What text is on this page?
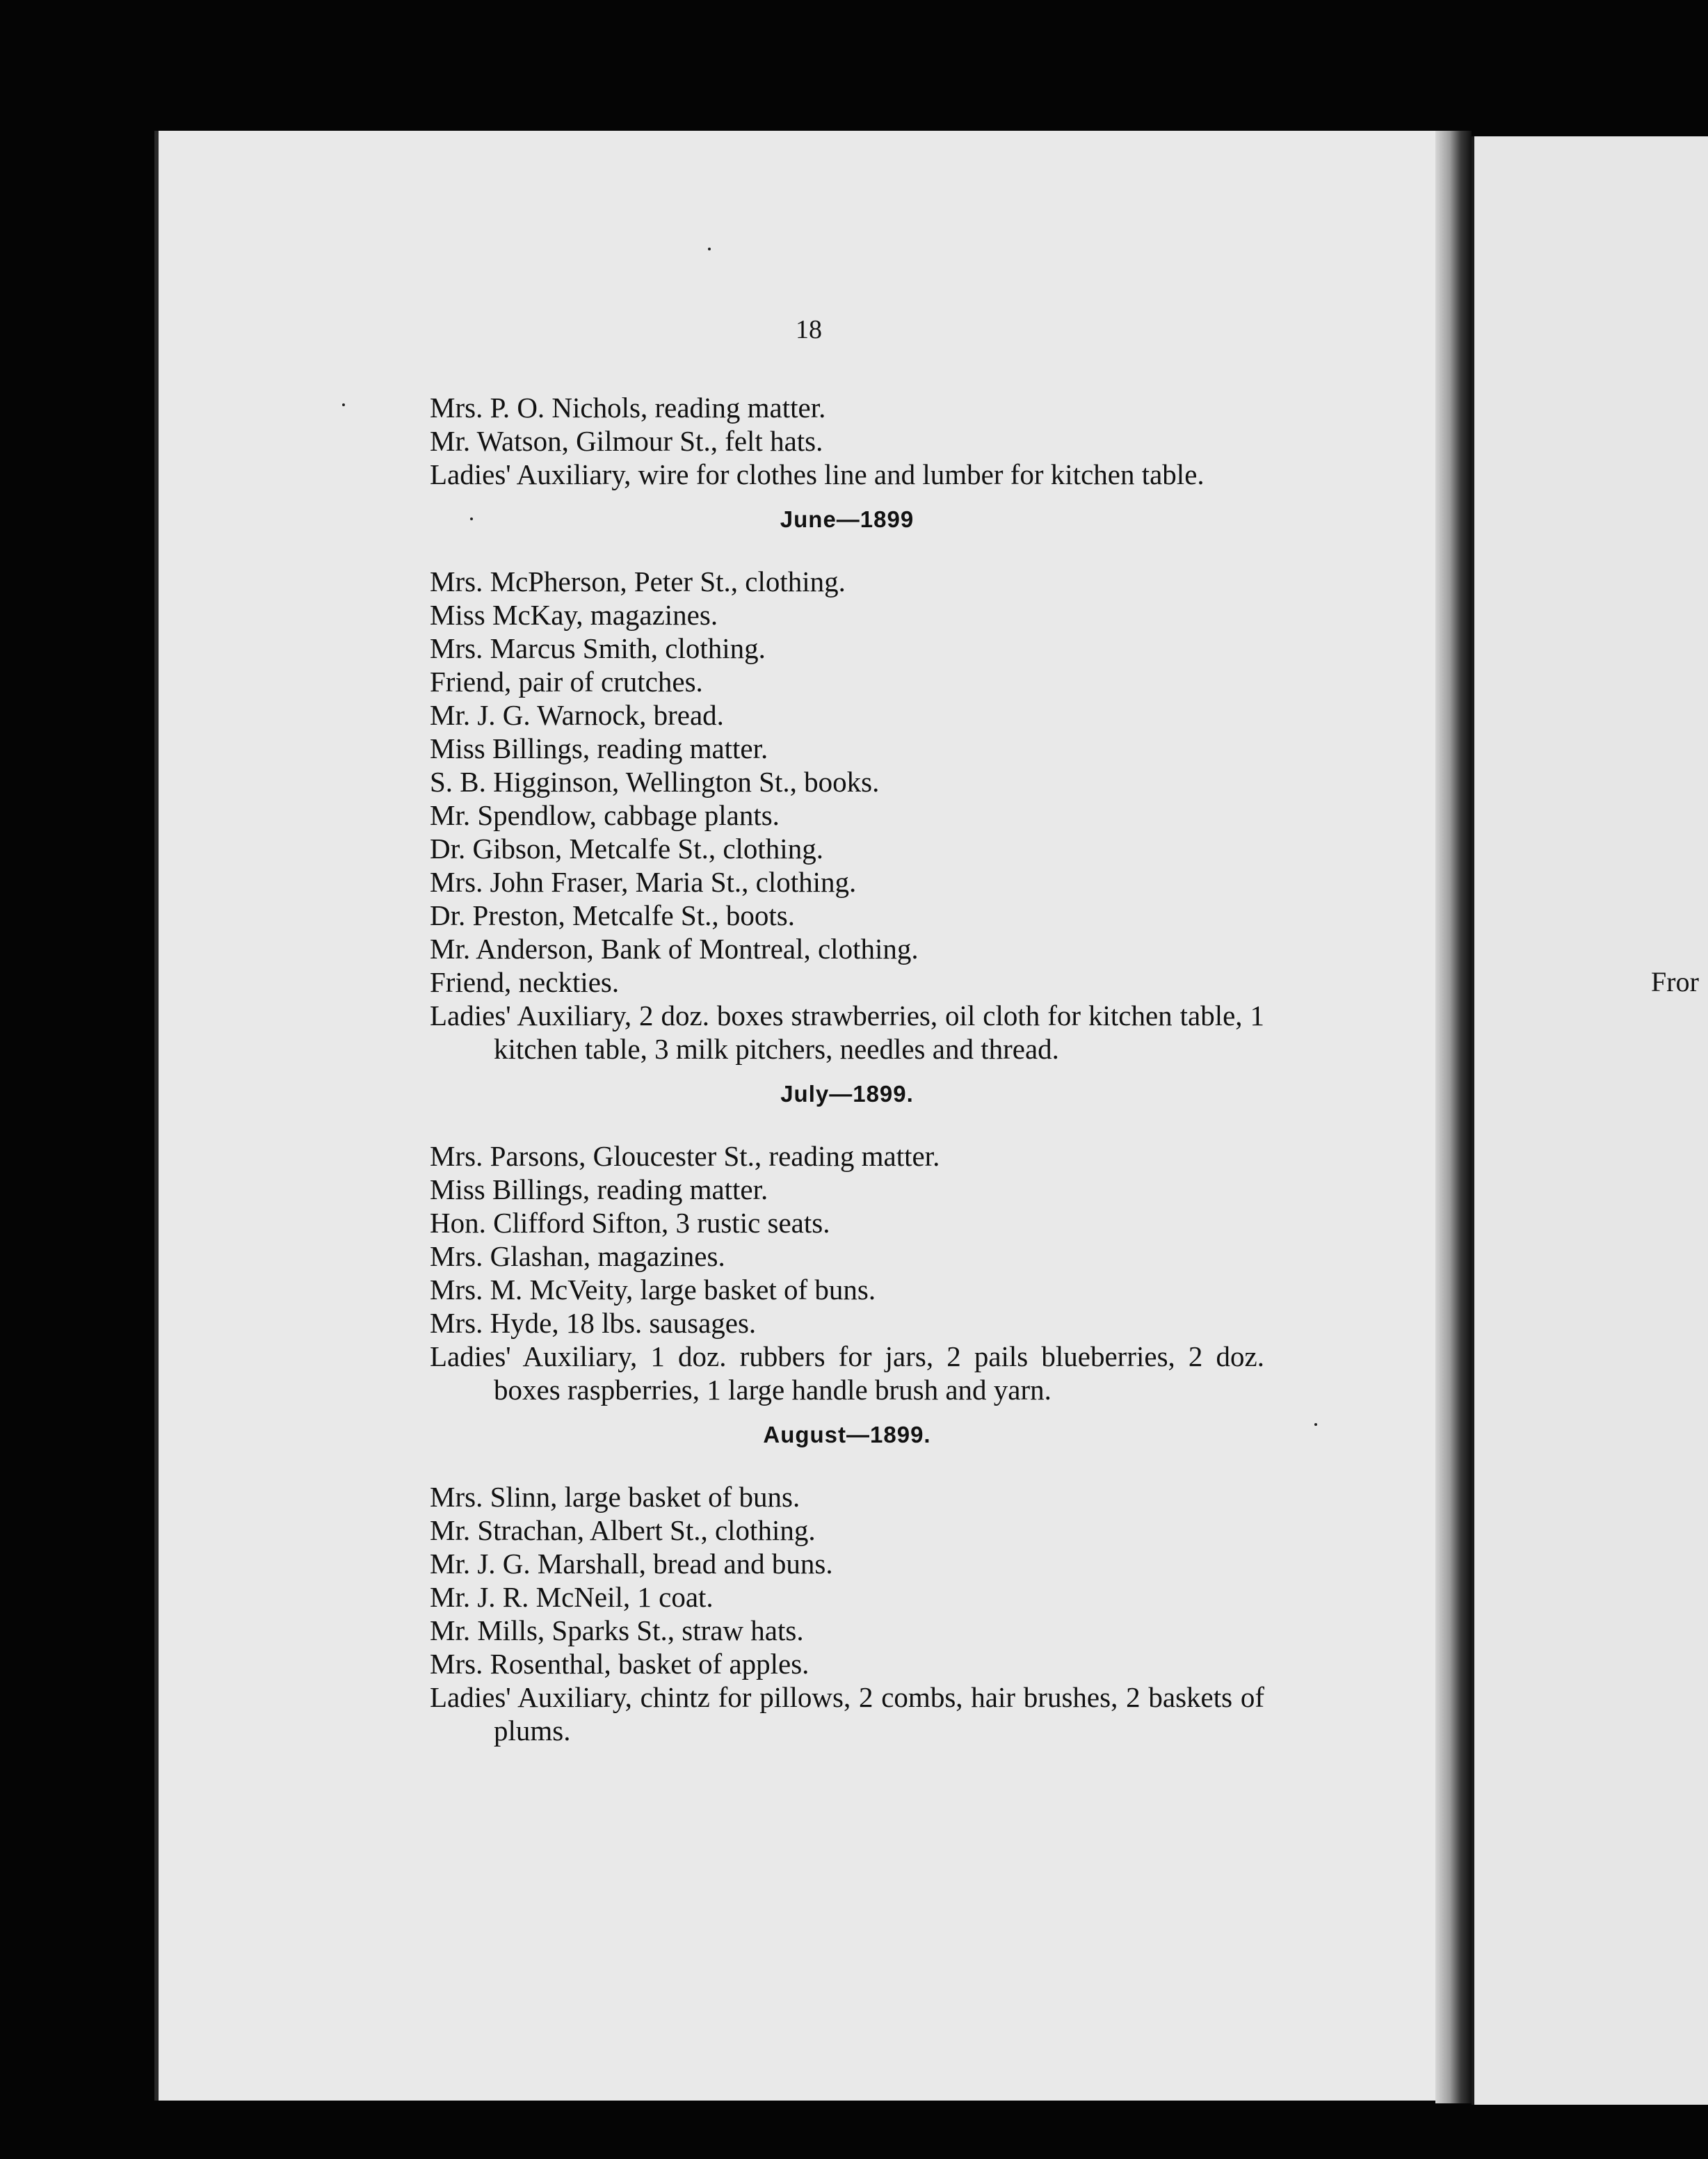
Fror
18
Mrs. P. O. Nichols, reading matter.
Mr. Watson, Gilmour St., felt hats.
Ladies' Auxiliary, wire for clothes line and lumber for kitchen table.
June—1899
Mrs. McPherson, Peter St., clothing.
Miss McKay, magazines.
Mrs. Marcus Smith, clothing.
Friend, pair of crutches.
Mr. J. G. Warnock, bread.
Miss Billings, reading matter.
S. B. Higginson, Wellington St., books.
Mr. Spendlow, cabbage plants.
Dr. Gibson, Metcalfe St., clothing.
Mrs. John Fraser, Maria St., clothing.
Dr. Preston, Metcalfe St., boots.
Mr. Anderson, Bank of Montreal, clothing.
Friend, neckties.
Ladies' Auxiliary, 2 doz. boxes strawberries, oil cloth for kitchen table, 1 kitchen table, 3 milk pitchers, needles and thread.
July—1899.
Mrs. Parsons, Gloucester St., reading matter.
Miss Billings, reading matter.
Hon. Clifford Sifton, 3 rustic seats.
Mrs. Glashan, magazines.
Mrs. M. McVeity, large basket of buns.
Mrs. Hyde, 18 lbs. sausages.
Ladies' Auxiliary, 1 doz. rubbers for jars, 2 pails blueberries, 2 doz. boxes raspberries, 1 large handle brush and yarn.
August—1899.
Mrs. Slinn, large basket of buns.
Mr. Strachan, Albert St., clothing.
Mr. J. G. Marshall, bread and buns.
Mr. J. R. McNeil, 1 coat.
Mr. Mills, Sparks St., straw hats.
Mrs. Rosenthal, basket of apples.
Ladies' Auxiliary, chintz for pillows, 2 combs, hair brushes, 2 baskets of plums.
